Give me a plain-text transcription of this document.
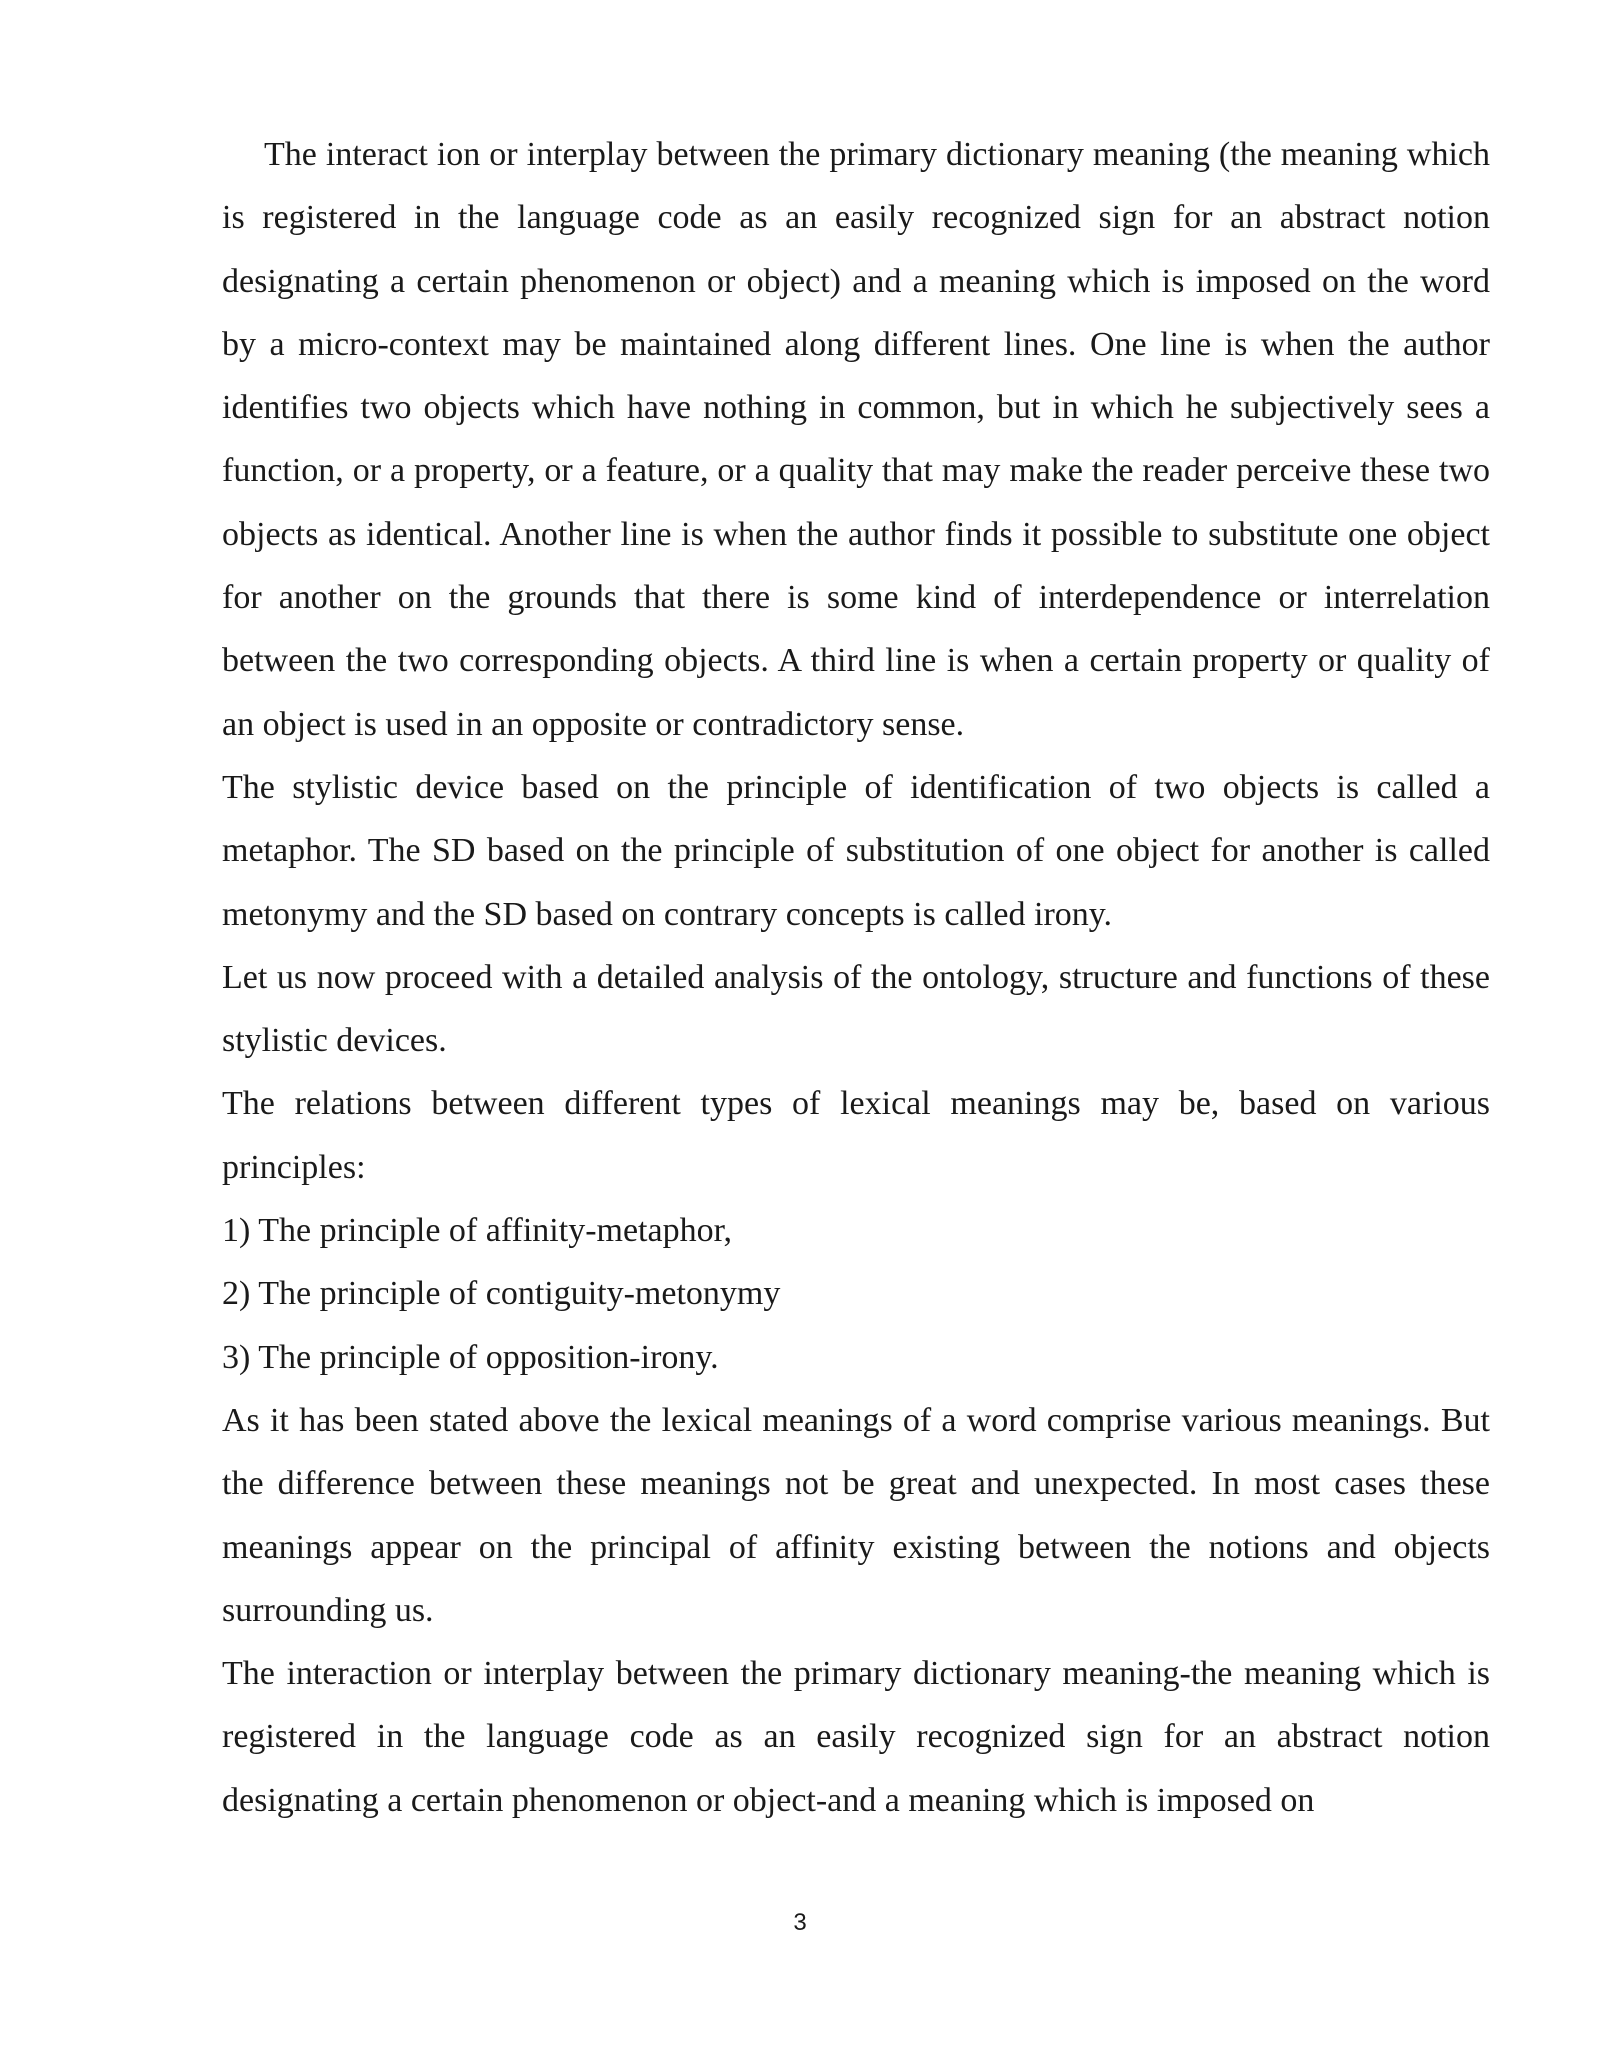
The interact ion or interplay between the primary dictionary meaning (the meaning which is registered in the language code as an easily recognized sign for an abstract notion designating a certain phenomenon or object) and a meaning which is imposed on the word by a micro-context may be maintained along different lines. One line is when the author identifies two objects which have nothing in common, but in which he subjectively sees a function, or a property, or a feature, or a quality that may make the reader perceive these two objects as identical. Another line is when the author finds it possible to substitute one object for another on the grounds that there is some kind of interdependence or interrelation between the two corresponding objects. A third line is when a certain property or quality of an object is used in an opposite or contradictory sense.

The stylistic device based on the principle of identification of two objects is called a metaphor. The SD based on the principle of substitution of one object for another is called metonymy and the SD based on contrary concepts is called irony.

Let us now proceed with a detailed analysis of the ontology, structure and functions of these stylistic devices.

The relations between different types of lexical meanings may be, based on various principles:

1) The principle of affinity-metaphor,

2) The principle of contiguity-metonymy

3) The principle of opposition-irony.

As it has been stated above the lexical meanings of a word comprise various meanings. But the difference between these meanings not be great and unexpected. In most cases these meanings appear on the principal of affinity existing between the notions and objects surrounding us.

The interaction or interplay between the primary dictionary meaning-the meaning which is registered in the language code as an easily recognized sign for an abstract notion designating a certain phenomenon or object-and a meaning which is imposed on

3
